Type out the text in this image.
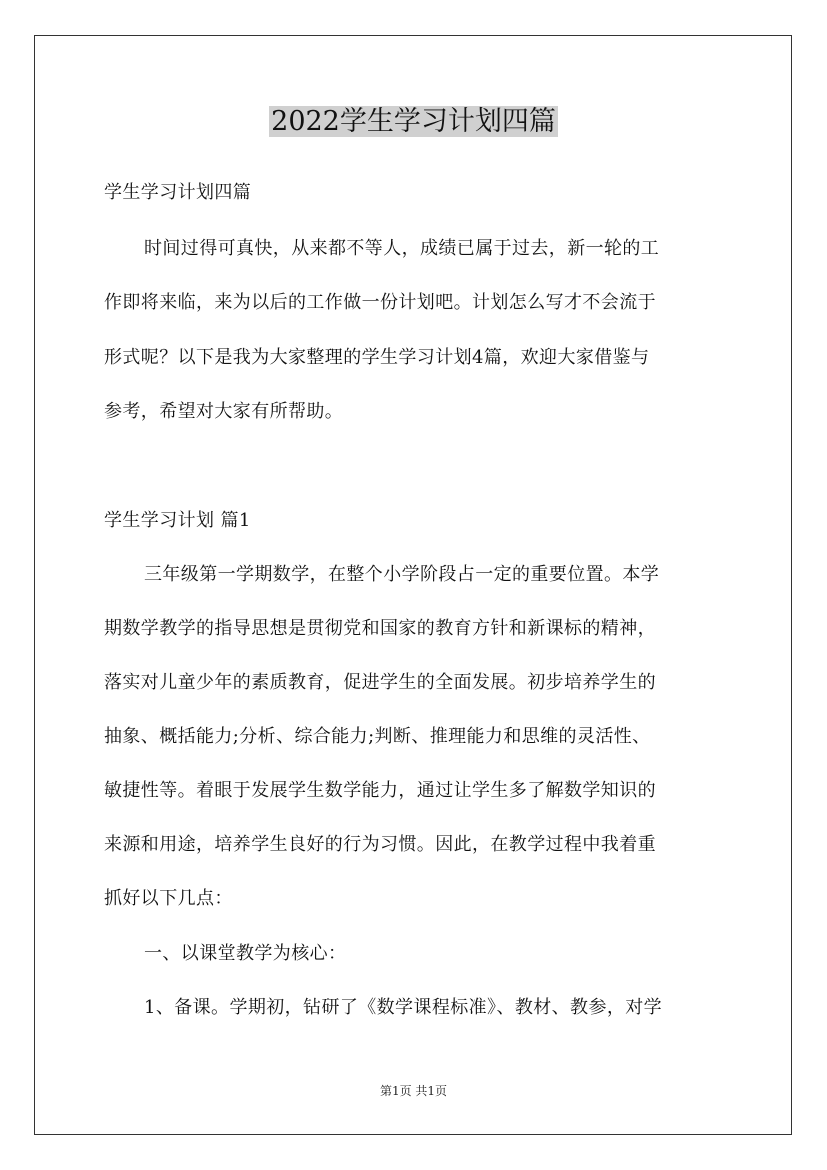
2022学生学习计划四篇
学生学习计划四篇
时间过得可真快，从来都不等人，成绩已属于过去，新一轮的工
作即将来临，来为以后的工作做一份计划吧。计划怎么写才不会流于
形式呢？以下是我为大家整理的学生学习计划4篇，欢迎大家借鉴与
参考，希望对大家有所帮助。
学生学习计划 篇1
三年级第一学期数学，在整个小学阶段占一定的重要位置。本学
期数学教学的指导思想是贯彻党和国家的教育方针和新课标的精神，
落实对儿童少年的素质教育，促进学生的全面发展。初步培养学生的
抽象、概括能力;分析、综合能力;判断、推理能力和思维的灵活性、
敏捷性等。着眼于发展学生数学能力，通过让学生多了解数学知识的
来源和用途，培养学生良好的行为习惯。因此，在教学过程中我着重
抓好以下几点：
一、以课堂教学为核心：
1、备课。学期初，钻研了《数学课程标准》、教材、教参，对学
第1页 共1页
